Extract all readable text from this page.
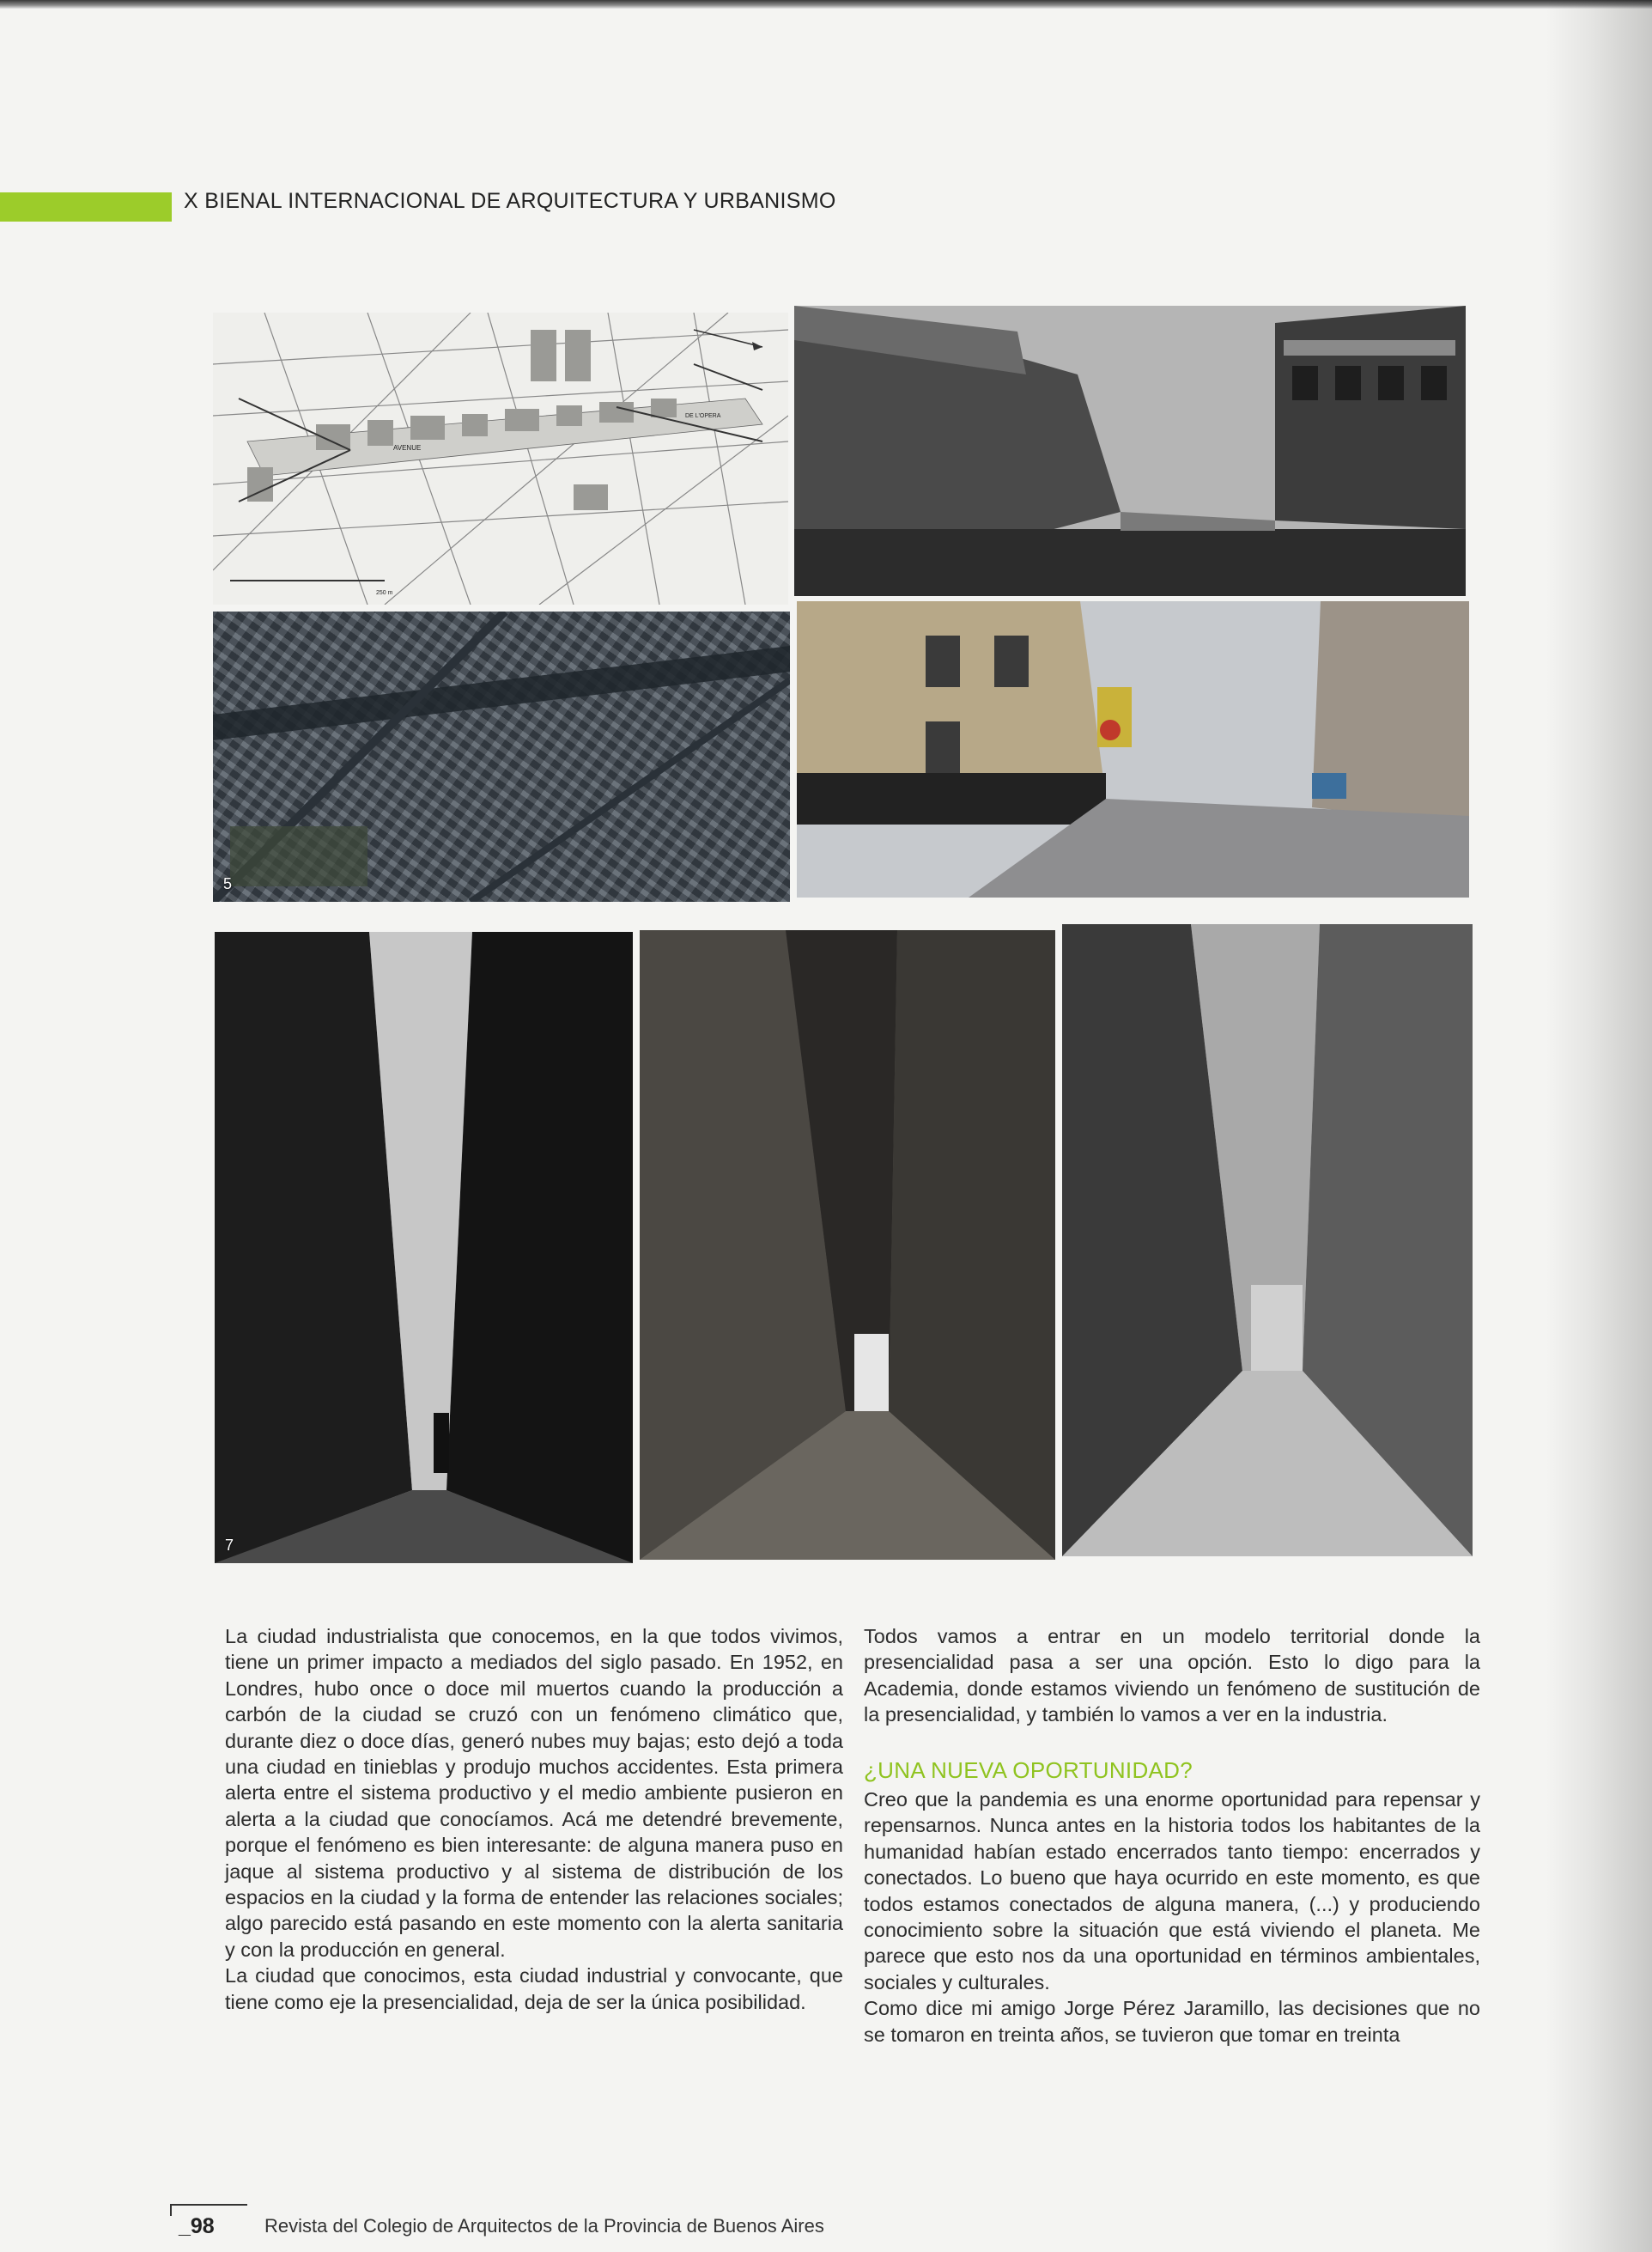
X BIENAL INTERNACIONAL DE ARQUITECTURA Y URBANISMO
AVENUE
DE L'OPERA
250 m
5
7

La ciudad industrialista que conocemos, en la que todos vivimos, tiene un primer impacto a mediados del siglo pasado. En 1952, en Londres, hubo once o doce mil muertos cuando la producción a carbón de la ciudad se cruzó con un fenómeno climático que, durante diez o doce días, generó nubes muy bajas; esto dejó a toda una ciudad en tinieblas y produjo muchos accidentes. Esta primera alerta entre el sistema productivo y el medio ambiente pusieron en alerta a la ciudad que conocíamos. Acá me detendré brevemente, porque el fenómeno es bien interesante: de alguna manera puso en jaque al sistema productivo y al sistema de distribución de los espacios en la ciudad y la forma de entender las relaciones sociales; algo parecido está pasando en este momento con la alerta sanitaria y con la producción en general.

La ciudad que conocimos, esta ciudad industrial y convocante, que tiene como eje la presencialidad, deja de ser la única posibilidad.

Todos vamos a entrar en un modelo territorial donde la presencialidad pasa a ser una opción. Esto lo digo para la Academia, donde estamos viviendo un fenómeno de sustitución de la presencialidad, y también lo vamos a ver en la industria.

¿UNA NUEVA OPORTUNIDAD?

Creo que la pandemia es una enorme oportunidad para repensar y repensarnos. Nunca antes en la historia todos los habitantes de la humanidad habían estado encerrados tanto tiempo: encerrados y conectados. Lo bueno que haya ocurrido en este momento, es que todos estamos conectados de alguna manera, (...) y produciendo conocimiento sobre la situación que está viviendo el planeta. Me parece que esto nos da una oportunidad en términos ambientales, sociales y culturales.

Como dice mi amigo Jorge Pérez Jaramillo, las decisiones que no se tomaron en treinta años, se tuvieron que tomar en treinta

_98	Revista del Colegio de Arquitectos de la Provincia de Buenos Aires
